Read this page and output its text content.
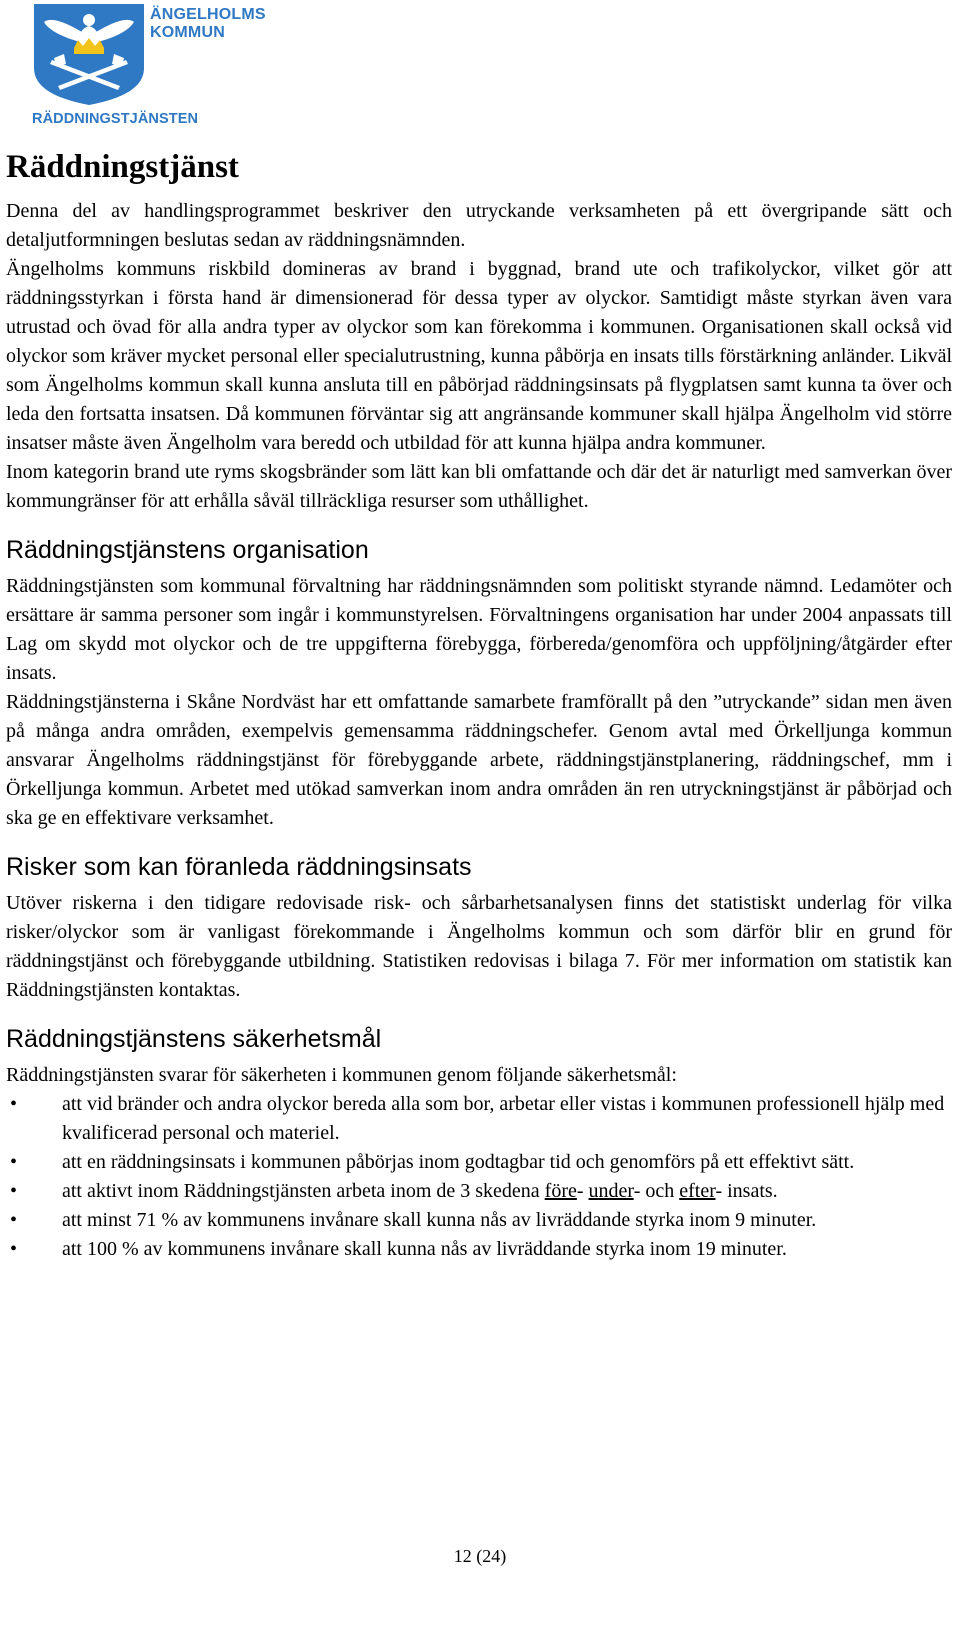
ÄNGELHOLMS
KOMMUN
RÄDDNINGSTJÄNSTEN
Räddningstjänst

Denna del av handlingsprogrammet beskriver den utryckande verksamheten på ett övergripande sätt och detaljutformningen beslutas sedan av räddningsnämnden.

Ängelholms kommuns riskbild domineras av brand i byggnad, brand ute och trafikolyckor, vilket gör att räddningsstyrkan i första hand är dimensionerad för dessa typer av olyckor. Samtidigt måste styrkan även vara utrustad och övad för alla andra typer av olyckor som kan förekomma i kommunen. Organisationen skall också vid olyckor som kräver mycket personal eller specialutrustning, kunna påbörja en insats tills förstärkning anländer. Likväl som Ängelholms kommun skall kunna ansluta till en påbörjad räddningsinsats på flygplatsen samt kunna ta över och leda den fortsatta insatsen. Då kommunen förväntar sig att angränsande kommuner skall hjälpa Ängelholm vid större insatser måste även Ängelholm vara beredd och utbildad för att kunna hjälpa andra kommuner.

Inom kategorin brand ute ryms skogsbränder som lätt kan bli omfattande och där det är naturligt med samverkan över kommungränser för att erhålla såväl tillräckliga resurser som uthållighet.

Räddningstjänstens organisation

Räddningstjänsten som kommunal förvaltning har räddningsnämnden som politiskt styrande nämnd. Ledamöter och ersättare är samma personer som ingår i kommunstyrelsen. Förvaltningens organisation har under 2004 anpassats till Lag om skydd mot olyckor och de tre uppgifterna förebygga, förbereda/genomföra och uppföljning/åtgärder efter insats.

Räddningstjänsterna i Skåne Nordväst har ett omfattande samarbete framförallt på den ”utryckande” sidan men även på många andra områden, exempelvis gemensamma räddningschefer. Genom avtal med Örkelljunga kommun ansvarar Ängelholms räddningstjänst för förebyggande arbete, räddningstjänstplanering, räddningschef, mm i Örkelljunga kommun. Arbetet med utökad samverkan inom andra områden än ren utryckningstjänst är påbörjad och ska ge en effektivare verksamhet.

Risker som kan föranleda räddningsinsats

Utöver riskerna i den tidigare redovisade risk- och sårbarhetsanalysen finns det statistiskt underlag för vilka risker/olyckor som är vanligast förekommande i Ängelholms kommun och som därför blir en grund för räddningstjänst och förebyggande utbildning. Statistiken redovisas i bilaga 7. För mer information om statistik kan Räddningstjänsten kontaktas.

Räddningstjänstens säkerhetsmål

Räddningstjänsten svarar för säkerheten i kommunen genom följande säkerhetsmål:

• att vid bränder och andra olyckor bereda alla som bor, arbetar eller vistas i kommunen professionell hjälp med kvalificerad personal och materiel.
• att en räddningsinsats i kommunen påbörjas inom godtagbar tid och genomförs på ett effektivt sätt.
• att aktivt inom Räddningstjänsten arbeta inom de 3 skedena före- under- och efter- insats.
• att minst 71 % av kommunens invånare skall kunna nås av livräddande styrka inom 9 minuter.
• att 100 % av kommunens invånare skall kunna nås av livräddande styrka inom 19 minuter.
12 (24)
